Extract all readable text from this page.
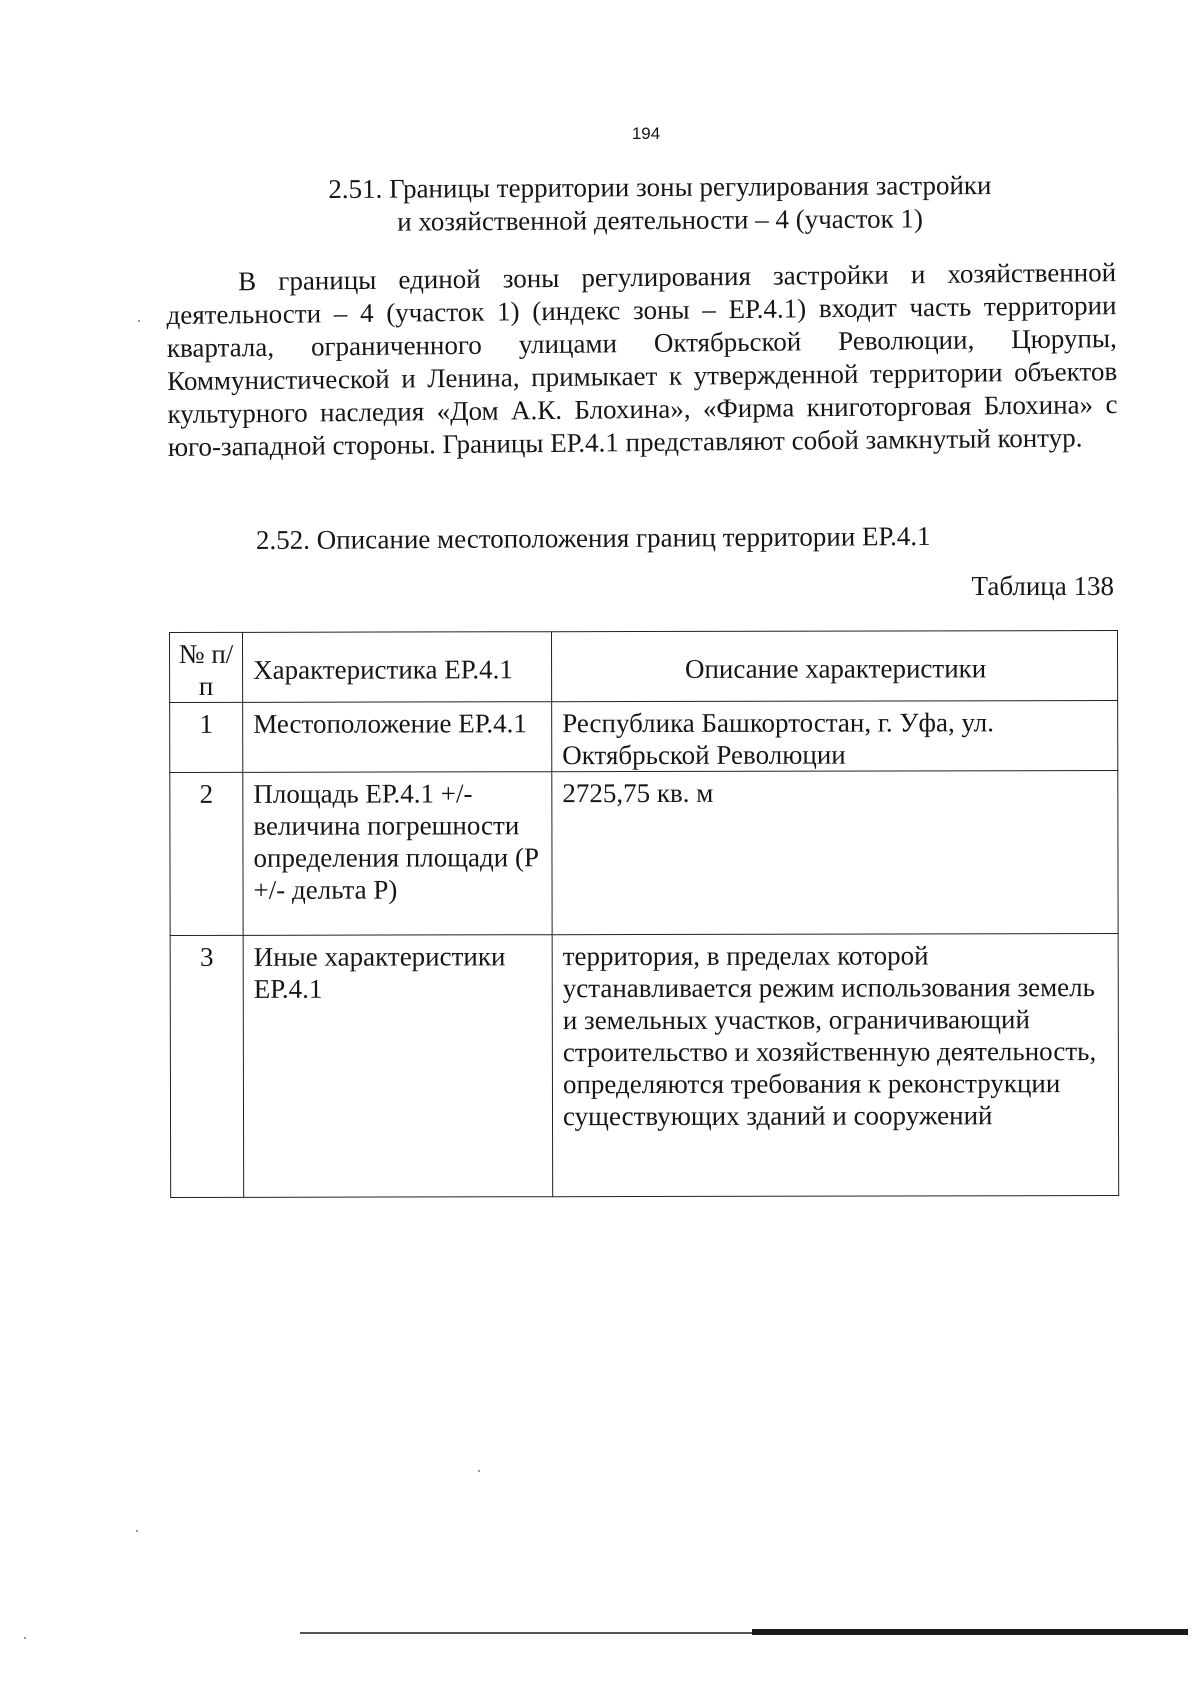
194
2.51. Границы территории зоны регулирования застройки
и хозяйственной деятельности – 4 (участок 1)
В границы единой зоны регулирования застройки и хозяйственной деятельности – 4 (участок 1) (индекс зоны – ЕР.4.1) входит часть территории квартала, ограниченного улицами Октябрьской Революции, Цюрупы, Коммунистической и Ленина, примыкает к утвержденной территории объектов культурного наследия «Дом А.К. Блохина», «Фирма книготорговая Блохина» с юго-западной стороны. Границы ЕР.4.1 представляют собой замкнутый контур.
2.52. Описание местоположения границ территории ЕР.4.1
Таблица 138
№ п/п	Характеристика ЕР.4.1	Описание характеристики
1	Местоположение ЕР.4.1	Республика Башкортостан, г. Уфа, ул. Октябрьской Революции
2	Площадь ЕР.4.1 +/- величина погрешности определения площади (Р +/- дельта Р)	2725,75 кв. м
3	Иные характеристики ЕР.4.1	территория, в пределах которой устанавливается режим использования земель и земельных участков, ограничивающий строительство и хозяйственную деятельность, определяются требования к реконструкции существующих зданий и сооружений
